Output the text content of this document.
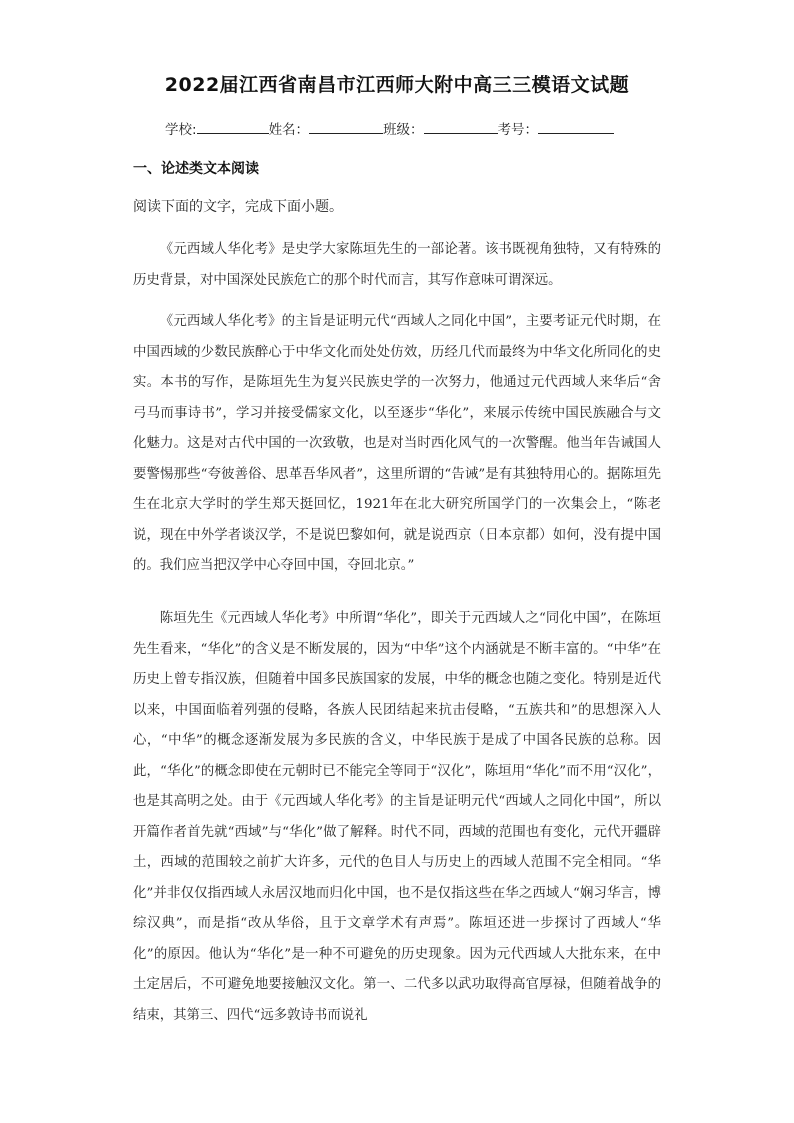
2022届江西省南昌市江西师大附中高三三模语文试题
学校:	姓名：	班级：	考号：
一、论述类文本阅读
阅读下面的文字，完成下面小题。

《元西域人华化考》是史学大家陈垣先生的一部论著。该书既视角独特，又有特殊的历史背景，对中国深处民族危亡的那个时代而言，其写作意味可谓深远。

《元西域人华化考》的主旨是证明元代“西域人之同化中国”，主要考证元代时期，在中国西域的少数民族醉心于中华文化而处处仿效，历经几代而最终为中华文化所同化的史实。本书的写作，是陈垣先生为复兴民族史学的一次努力，他通过元代西域人来华后“舍弓马而事诗书”，学习并接受儒家文化，以至逐步“华化”，来展示传统中国民族融合与文化魅力。这是对古代中国的一次致敬，也是对当时西化风气的一次警醒。他当年告诫国人要警惕那些“夸彼善俗、思革吾华风者”，这里所谓的“告诫”是有其独特用心的。据陈垣先生在北京大学时的学生郑天挺回忆，1921年在北大研究所国学门的一次集会上，“陈老说，现在中外学者谈汉学，不是说巴黎如何，就是说西京（日本京都）如何，没有提中国的。我们应当把汉学中心夺回中国，夺回北京。”

陈垣先生《元西域人华化考》中所谓“华化”，即关于元西域人之“同化中国”，在陈垣先生看来，“华化”的含义是不断发展的，因为“中华”这个内涵就是不断丰富的。“中华”在历史上曾专指汉族，但随着中国多民族国家的发展，中华的概念也随之变化。特别是近代以来，中国面临着列强的侵略，各族人民团结起来抗击侵略，“五族共和”的思想深入人心，“中华”的概念逐渐发展为多民族的含义，中华民族于是成了中国各民族的总称。因此，“华化”的概念即使在元朝时已不能完全等同于“汉化”，陈垣用“华化”而不用“汉化”，也是其高明之处。由于《元西域人华化考》的主旨是证明元代“西域人之同化中国”，所以开篇作者首先就“西域”与“华化”做了解释。时代不同，西域的范围也有变化，元代开疆辟土，西域的范围较之前扩大许多，元代的色目人与历史上的西域人范围不完全相同。“华化”并非仅仅指西域人永居汉地而归化中国，也不是仅指这些在华之西域人“娴习华言，博综汉典”，而是指“改从华俗，且于文章学术有声焉”。陈垣还进一步探讨了西域人“华化”的原因。他认为“华化”是一种不可避免的历史现象。因为元代西域人大批东来，在中土定居后，不可避免地要接触汉文化。第一、二代多以武功取得高官厚禄，但随着战争的结束，其第三、四代“远多敦诗书而说礼
